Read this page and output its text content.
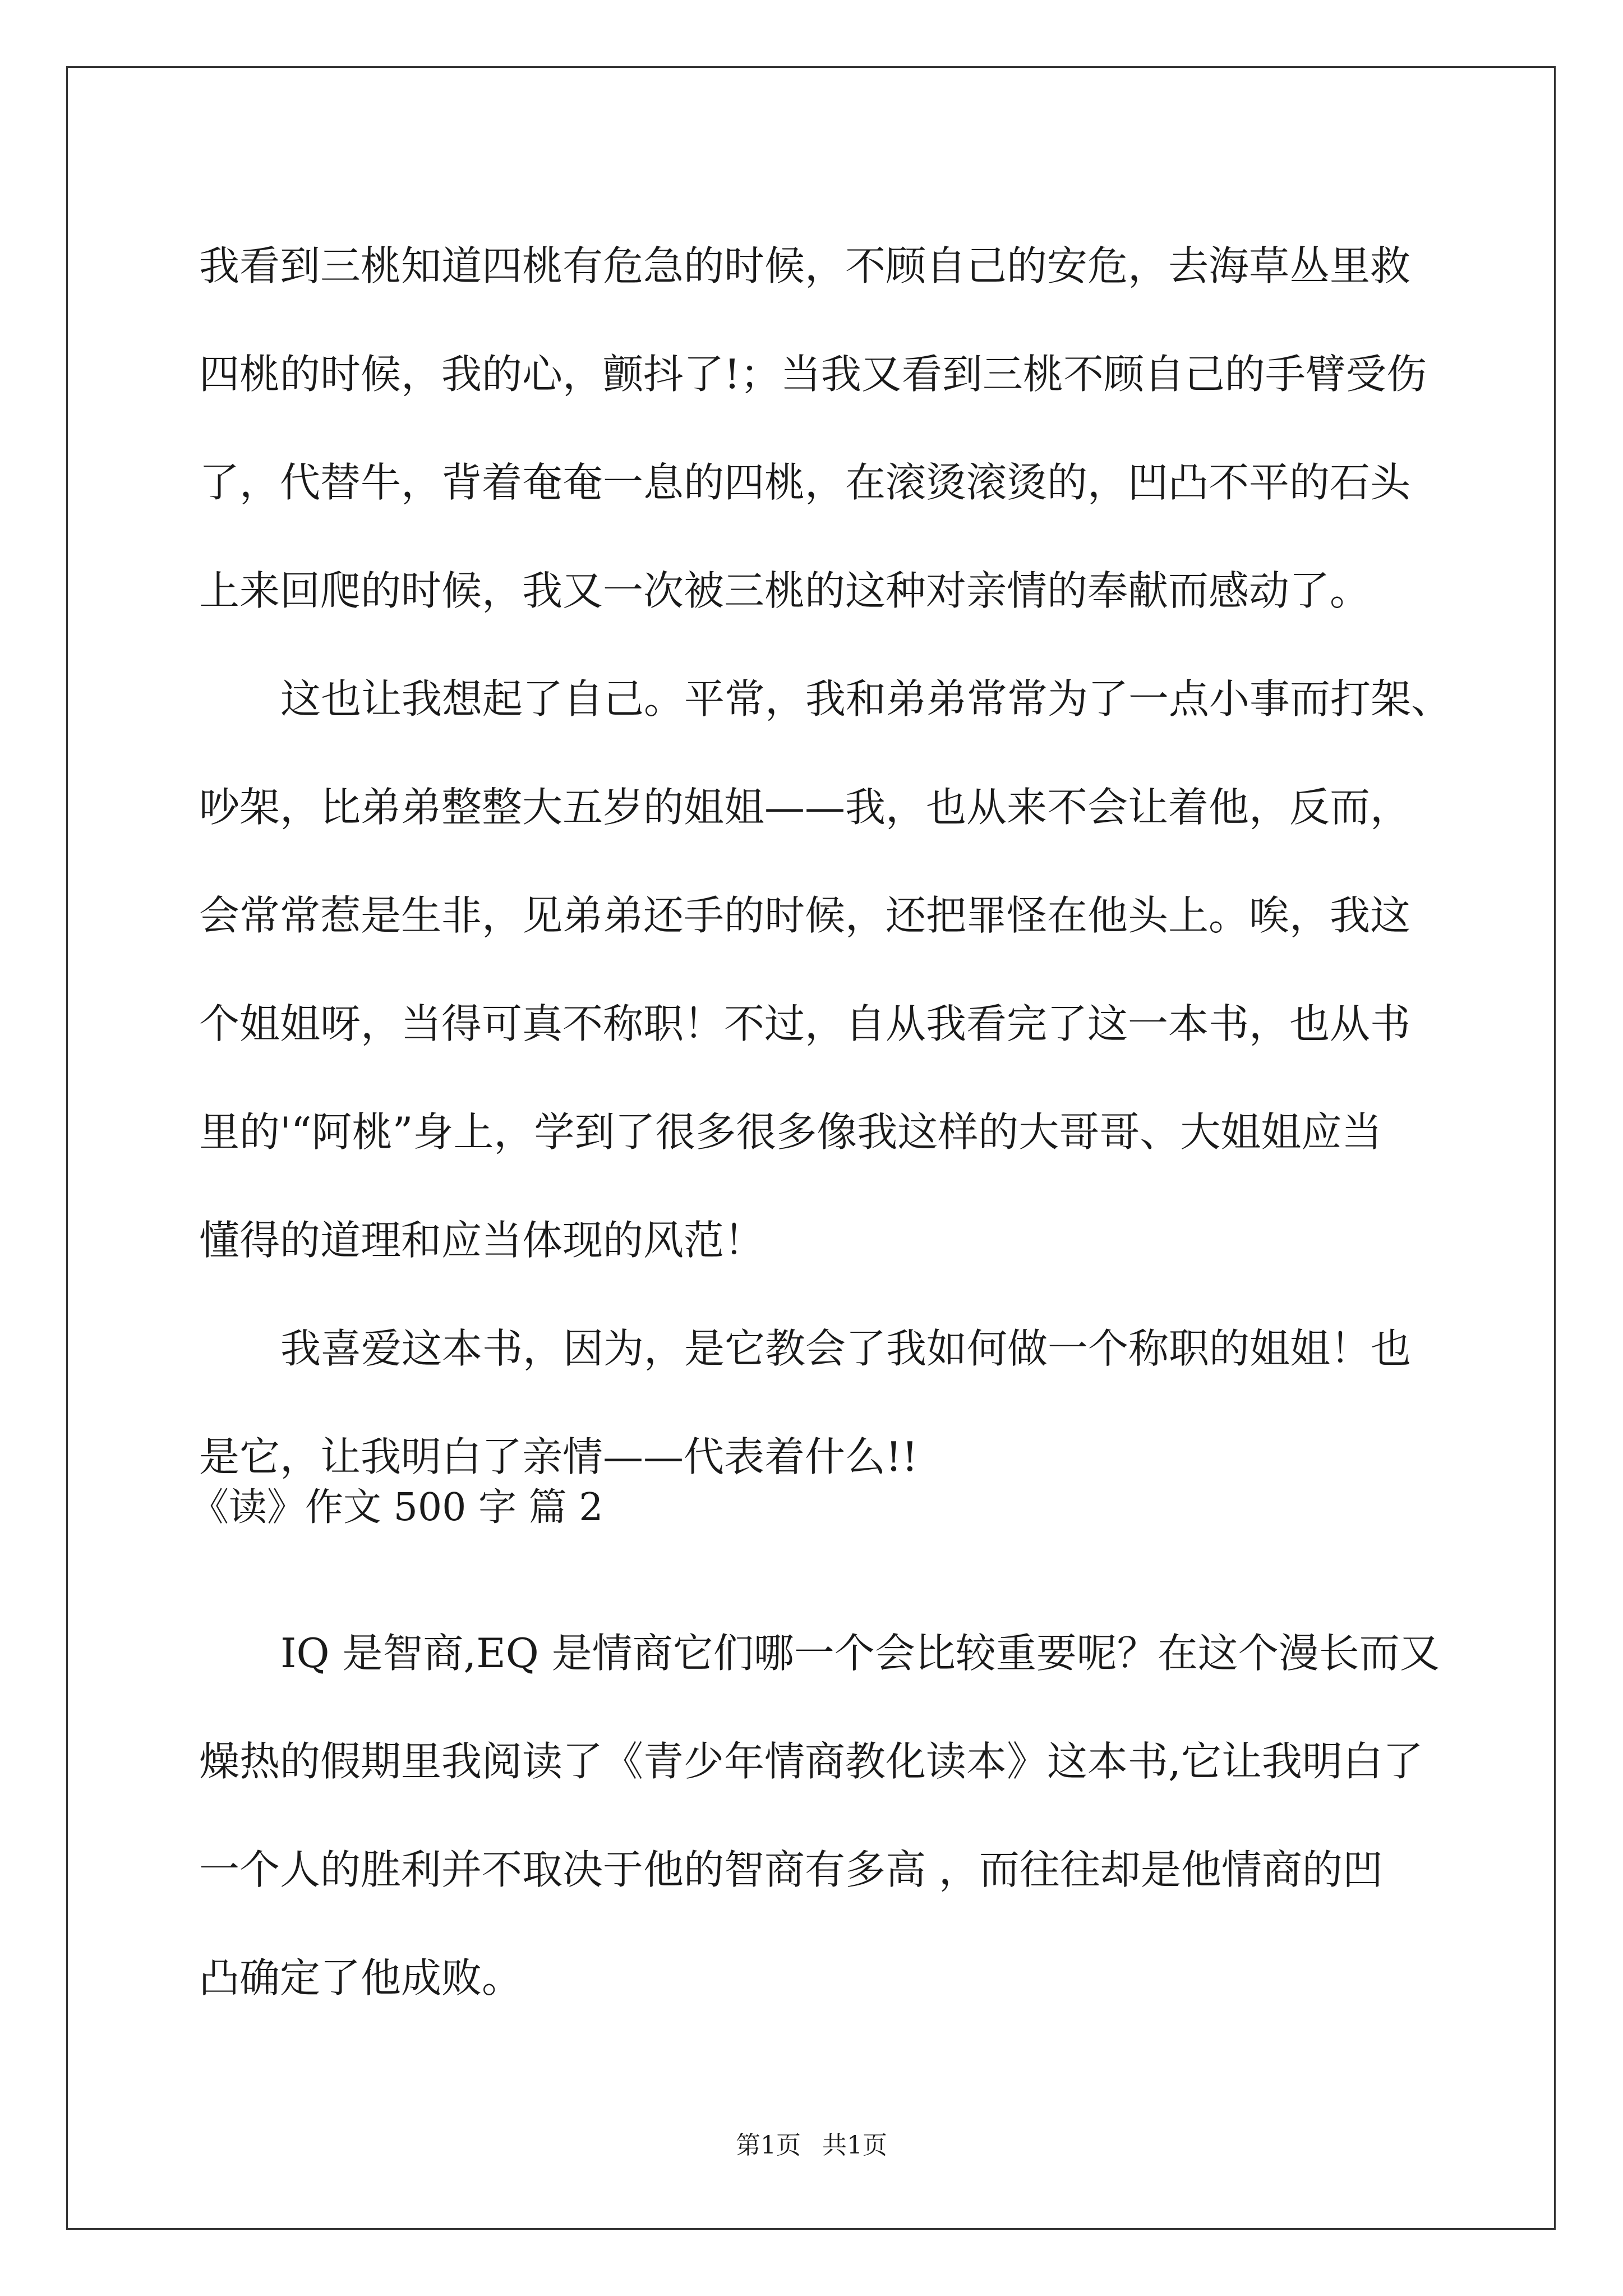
我看到三桃知道四桃有危急的时候，不顾自己的安危，去海草丛里救

四桃的时候，我的心，颤抖了!；当我又看到三桃不顾自己的手臂受伤

了，代替牛，背着奄奄一息的四桃，在滚烫滚烫的，凹凸不平的石头

上来回爬的时候，我又一次被三桃的这种对亲情的奉献而感动了。

这也让我想起了自己。平常，我和弟弟常常为了一点小事而打架、

吵架，比弟弟整整大五岁的姐姐——我，也从来不会让着他，反而，

会常常惹是生非，见弟弟还手的时候，还把罪怪在他头上。唉，我这

个姐姐呀，当得可真不称职！不过，自从我看完了这一本书，也从书

里的'“阿桃”身上，学到了很多很多像我这样的大哥哥、大姐姐应当

懂得的道理和应当体现的风范！

我喜爱这本书，因为，是它教会了我如何做一个称职的姐姐！也

是它，让我明白了亲情——代表着什么!!

《读》作文 500 字 篇 2

IQ 是智商,EQ 是情商它们哪一个会比较重要呢？在这个漫长而又

燥热的假期里我阅读了《青少年情商教化读本》这本书,它让我明白了

一个人的胜利并不取决于他的智商有多高 ，而往往却是他情商的凹

凸确定了他成败。

第1页 共1页
